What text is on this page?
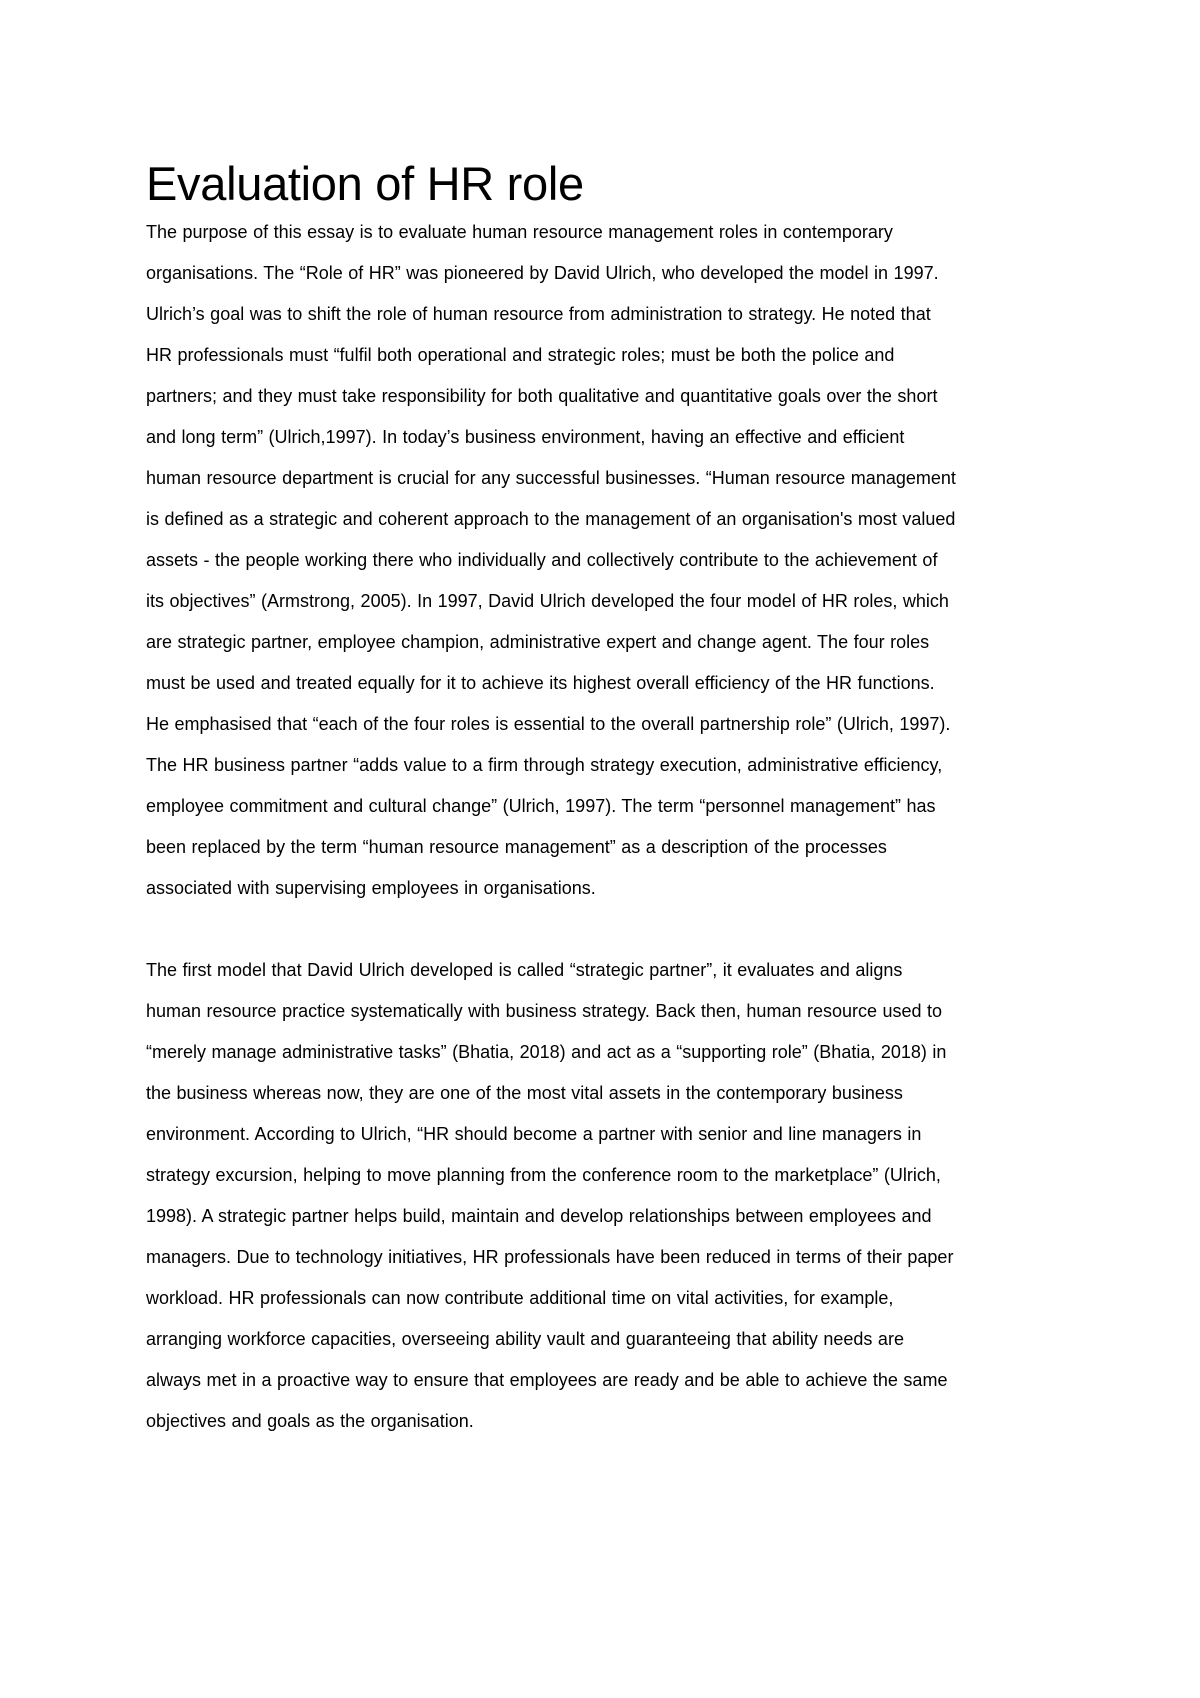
Evaluation of HR role

The purpose of this essay is to evaluate human resource management roles in contemporary
organisations. The “Role of HR” was pioneered by David Ulrich, who developed the model in 1997.
Ulrich’s goal was to shift the role of human resource from administration to strategy. He noted that
HR professionals must “fulfil both operational and strategic roles; must be both the police and
partners; and they must take responsibility for both qualitative and quantitative goals over the short
and long term” (Ulrich,1997). In today’s business environment, having an effective and efficient
human resource department is crucial for any successful businesses. “Human resource management
is defined as a strategic and coherent approach to the management of an organisation's most valued
assets - the people working there who individually and collectively contribute to the achievement of
its objectives” (Armstrong, 2005). In 1997, David Ulrich developed the four model of HR roles, which
are strategic partner, employee champion, administrative expert and change agent. The four roles
must be used and treated equally for it to achieve its highest overall efficiency of the HR functions.
He emphasised that “each of the four roles is essential to the overall partnership role” (Ulrich, 1997).
The HR business partner “adds value to a firm through strategy execution, administrative efficiency,
employee commitment and cultural change” (Ulrich, 1997). The term “personnel management” has
been replaced by the term “human resource management” as a description of the processes
associated with supervising employees in organisations.

The first model that David Ulrich developed is called “strategic partner”, it evaluates and aligns
human resource practice systematically with business strategy. Back then, human resource used to
“merely manage administrative tasks” (Bhatia, 2018) and act as a “supporting role” (Bhatia, 2018) in
the business whereas now, they are one of the most vital assets in the contemporary business
environment. According to Ulrich, “HR should become a partner with senior and line managers in
strategy excursion, helping to move planning from the conference room to the marketplace” (Ulrich,
1998). A strategic partner helps build, maintain and develop relationships between employees and
managers. Due to technology initiatives, HR professionals have been reduced in terms of their paper
workload. HR professionals can now contribute additional time on vital activities, for example,
arranging workforce capacities, overseeing ability vault and guaranteeing that ability needs are
always met in a proactive way to ensure that employees are ready and be able to achieve the same
objectives and goals as the organisation.
